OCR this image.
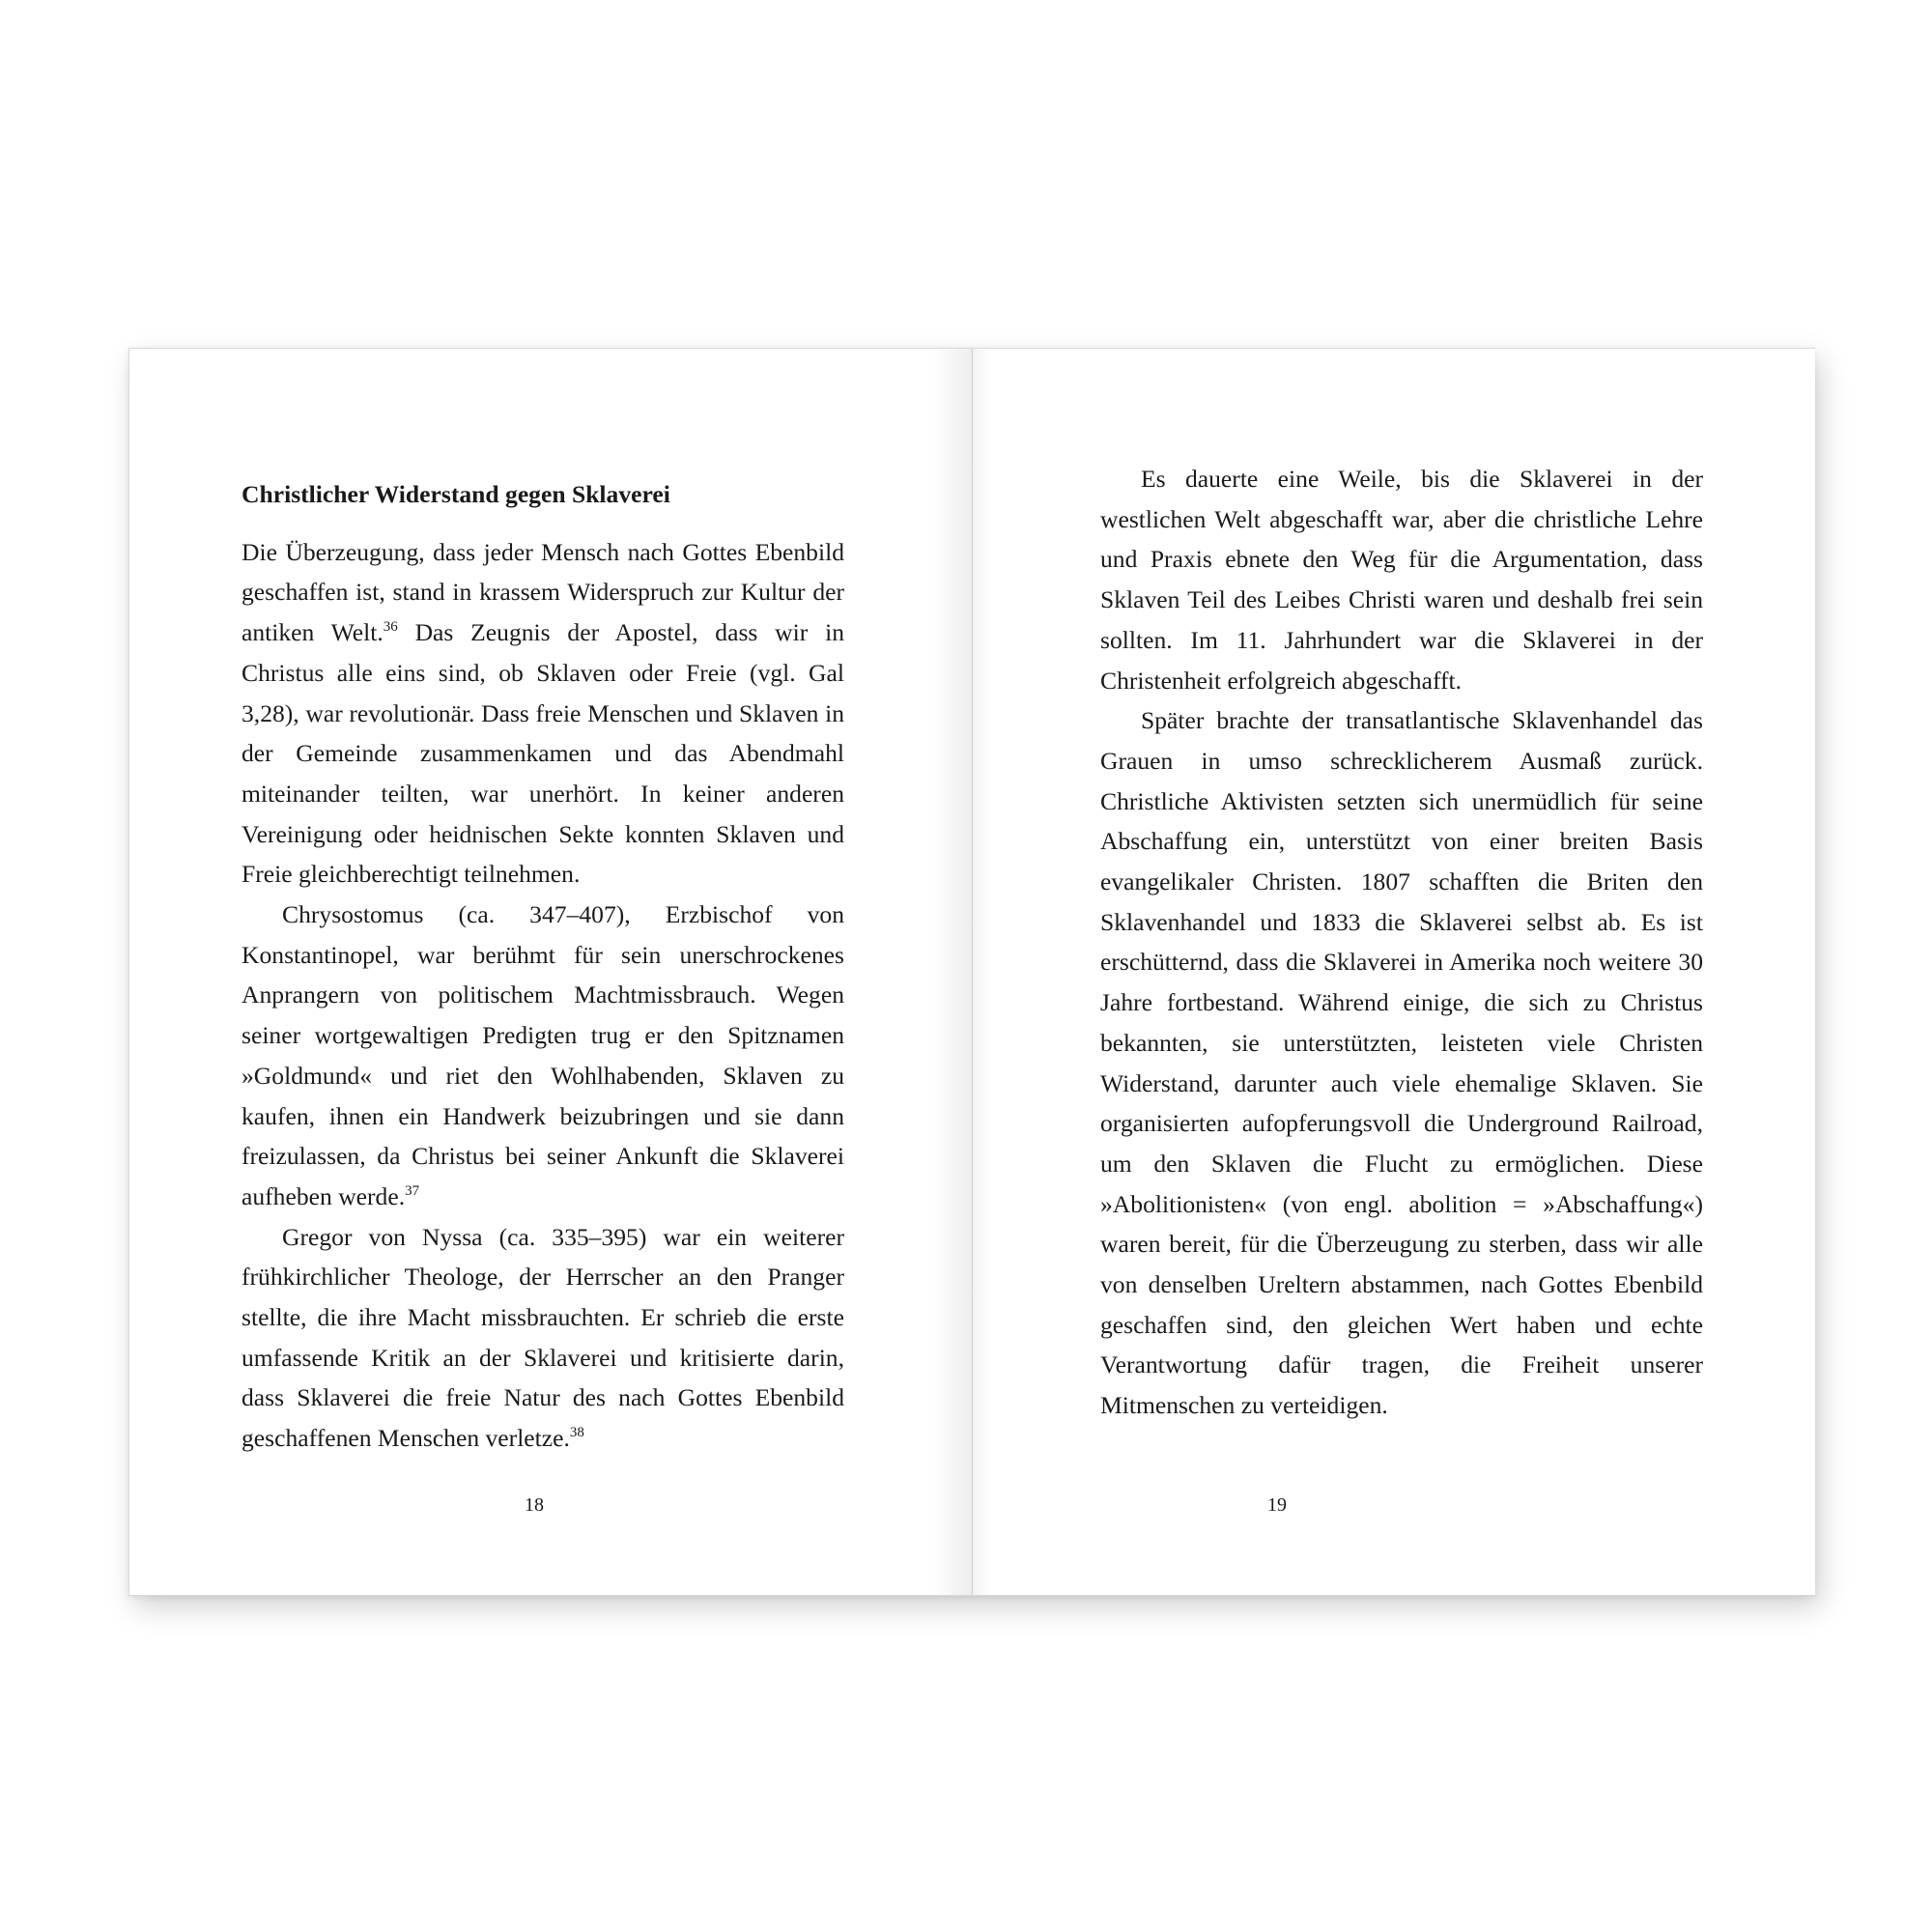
Christlicher Widerstand gegen Sklaverei

Die Überzeugung, dass jeder Mensch nach Gottes Ebenbild geschaffen ist, stand in krassem Widerspruch zur Kultur der antiken Welt.$^{36}$ Das Zeugnis der Apostel, dass wir in Christus alle eins sind, ob Sklaven oder Freie (vgl. Gal 3,28), war revolutionär. Dass freie Menschen und Sklaven in der Gemeinde zusammenkamen und das Abendmahl miteinander teilten, war unerhört. In keiner anderen Vereinigung oder heidnischen Sekte konnten Sklaven und Freie gleichberechtigt teilnehmen.

Chrysostomus (ca. 347–407), Erzbischof von Konstantinopel, war berühmt für sein unerschrockenes Anprangern von politischem Machtmissbrauch. Wegen seiner wortgewaltigen Predigten trug er den Spitznamen »Goldmund« und riet den Wohlhabenden, Sklaven zu kaufen, ihnen ein Handwerk beizubringen und sie dann freizulassen, da Christus bei seiner Ankunft die Sklaverei aufheben werde.$^{37}$

Gregor von Nyssa (ca. 335–395) war ein weiterer frühkirchlicher Theologe, der Herrscher an den Pranger stellte, die ihre Macht missbrauchten. Er schrieb die erste umfassende Kritik an der Sklaverei und kritisierte darin, dass Sklaverei die freie Natur des nach Gottes Ebenbild geschaffenen Menschen verletze.$^{38}$

18

Es dauerte eine Weile, bis die Sklaverei in der westlichen Welt abgeschafft war, aber die christliche Lehre und Praxis ebnete den Weg für die Argumentation, dass Sklaven Teil des Leibes Christi waren und deshalb frei sein sollten. Im 11. Jahrhundert war die Sklaverei in der Christenheit erfolgreich abgeschafft.

Später brachte der transatlantische Sklavenhandel das Grauen in umso schrecklicherem Ausmaß zurück. Christliche Aktivisten setzten sich unermüdlich für seine Abschaffung ein, unterstützt von einer breiten Basis evangelikaler Christen. 1807 schafften die Briten den Sklavenhandel und 1833 die Sklaverei selbst ab. Es ist erschütternd, dass die Sklaverei in Amerika noch weitere 30 Jahre fortbestand. Während einige, die sich zu Christus bekannten, sie unterstützten, leisteten viele Christen Widerstand, darunter auch viele ehemalige Sklaven. Sie organisierten aufopferungsvoll die Underground Railroad, um den Sklaven die Flucht zu ermöglichen. Diese »Abolitionisten« (von engl. abolition = »Abschaffung«) waren bereit, für die Überzeugung zu sterben, dass wir alle von denselben Ureltern abstammen, nach Gottes Ebenbild geschaffen sind, den gleichen Wert haben und echte Verantwortung dafür tragen, die Freiheit unserer Mitmenschen zu verteidigen.

19
